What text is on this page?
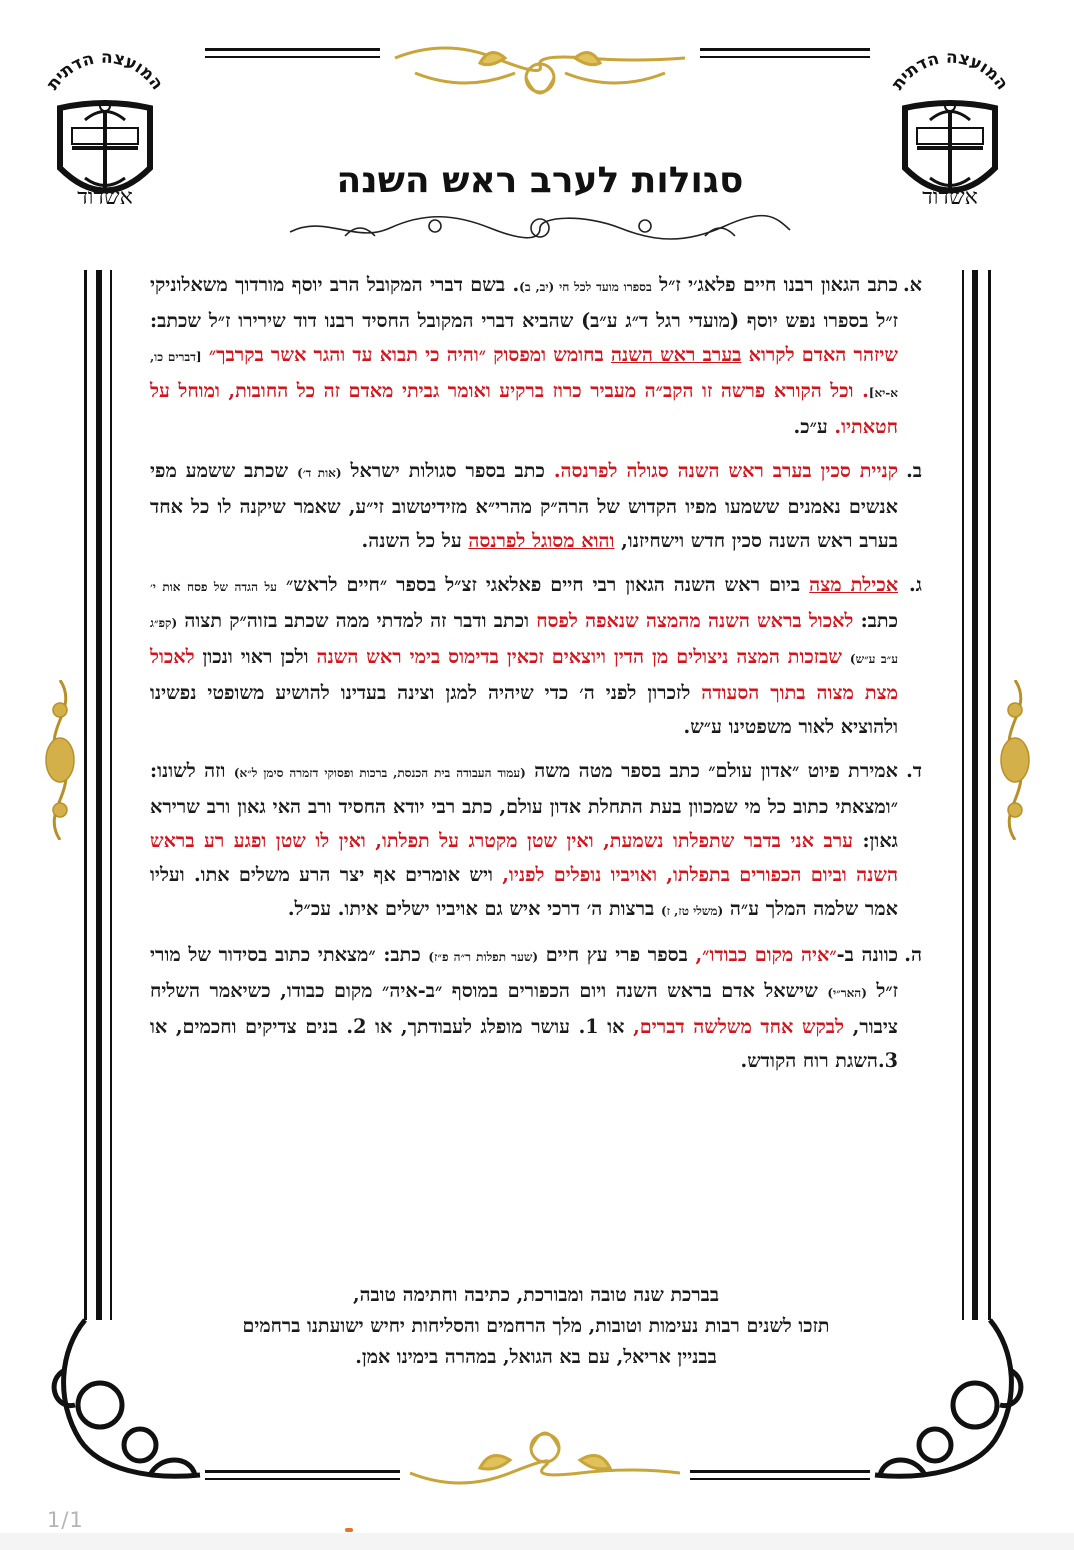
המועצה הדתית
אשדוד
המועצה הדתית
אשדוד
סגולות לערב ראש השנה
א.
כתב הגאון רבנו חיים פלאג׳י ז״ל בספרו מועד לכל חי (יב, ב). בשם דברי המקובל הרב יוסף מורדוך משאלוניקי ז״ל בספרו נפש יוסף (מועדי רגל ד״ג ע״ב) שהביא דברי המקובל החסיד רבנו דוד שירירו ז״ל שכתב: שיזהר האדם לקרוא בערב ראש השנה בחומש ומפסוק ״והיה כי תבוא עד והגר אשר בקרבך״ [דברים כו, א-יא]. וכל הקורא פרשה זו הקב״ה מעביר כרוז ברקיע ואומר גביתי מאדם זה כל החובות, ומוחל על חטאתיו. ע״כ.
ב.
קניית סכין בערב ראש השנה סגולה לפרנסה. כתב בספר סגולות ישראל (אות ד׳) שכתב ששמע מפי אנשים נאמנים ששמעו מפיו הקדוש של הרה״ק מהרי״א מזידיטשוב זי״ע, שאמר שיקנה לו כל אחד בערב ראש השנה סכין חדש וישחיזנו, והוא מסוגל לפרנסה על כל השנה.
ג.
אכילת מצה ביום ראש השנה הגאון רבי חיים פאלאגי זצ״ל בספר ״חיים לראש״ על הגדה של פסח אות י׳ כתב: לאכול בראש השנה מהמצה שנאפה לפסח וכתב ודבר זה למדתי ממה שכתב בזוה״ק תצוה (קפ״ג ע״ב ע״ש) שבזכות המצה ניצולים מן הדין ויוצאים זכאין בדימוס בימי ראש השנה ולכן ראוי ונכון לאכול מצת מצוה בתוך הסעודה לזכרון לפני ה׳ כדי שיהיה למגן וצינה בעדינו להושיע משופטי נפשינו ולהוציא לאור משפטינו ע״ש.
ד.
אמירת פיוט ״אדון עולם״ כתב בספר מטה משה (עמוד העבודה בית הכנסת, ברכות ופסוקי דזמרה סימן ל״א) וזה לשונו: ״ומצאתי כתוב כל מי שמכוון בעת התחלת אדון עולם, כתב רבי יודא החסיד ורב האי גאון ורב שרירא גאון: ערב אני בדבר שתפלתו נשמעת, ואין שטן מקטרג על תפלתו, ואין לו שטן ופגע רע בראש השנה וביום הכפורים בתפלתו, ואויביו נופלים לפניו, ויש אומרים אף יצר הרע משלים אתו. ועליו אמר שלמה המלך ע״ה (משלי טז, ז) ברצות ה׳ דרכי איש גם אויביו ישלים איתו. עכ״ל.
ה.
כוונה ב-״איה מקום כבודו״, בספר פרי עץ חיים (שער תפלות ר״ה פ״ז) כתב: ״מצאתי כתוב בסידור של מורי ז״ל (האר״י) שישאל אדם בראש השנה ויום הכפורים במוסף ״ב-איה״ מקום כבודו, כשיאמר השליח ציבור, לבקש אחד משלשה דברים, או 1. עושר מופלג לעבודתך, או 2. בנים צדיקים וחכמים, או 3.השגת רוח הקודש.
בברכת שנה טובה ומבורכת, כתיבה וחתימה טובה,
תזכו לשנים רבות נעימות וטובות, מלך הרחמים והסליחות יחיש ישועתנו ברחמים
בבניין אריאל, עם בא הגואל, במהרה בימינו אמן.
1/1
